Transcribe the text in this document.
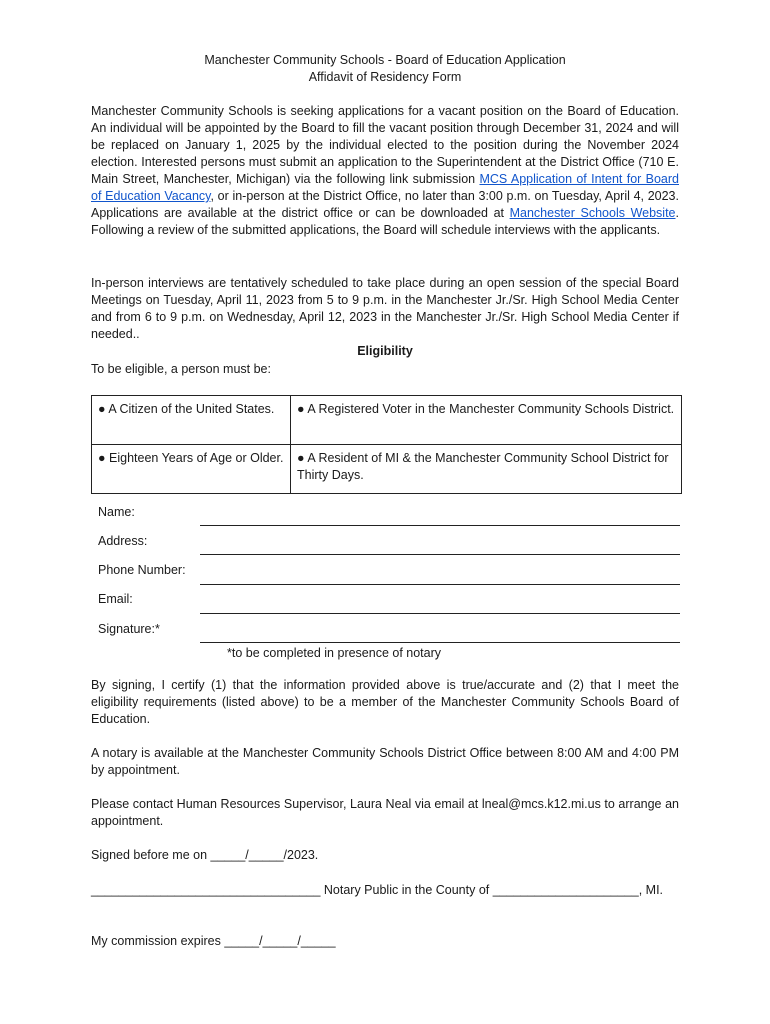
Manchester Community Schools - Board of Education Application
Affidavit of Residency Form
Manchester Community Schools is seeking applications for a vacant position on the Board of Education. An individual will be appointed by the Board to fill the vacant position through December 31, 2024 and will be replaced on January 1, 2025 by the individual elected to the position during the November 2024 election. Interested persons must submit an application to the Superintendent at the District Office (710 E. Main Street, Manchester, Michigan) via the following link submission MCS Application of Intent for Board of Education Vacancy, or in-person at the District Office, no later than 3:00 p.m. on Tuesday, April 4, 2023. Applications are available at the district office or can be downloaded at Manchester Schools Website. Following a review of the submitted applications, the Board will schedule interviews with the applicants.
In-person interviews are tentatively scheduled to take place during an open session of the special Board Meetings on Tuesday, April 11, 2023 from 5 to 9 p.m. in the Manchester Jr./Sr. High School Media Center and from 6 to 9 p.m. on Wednesday, April 12, 2023 in the Manchester Jr./Sr. High School Media Center if needed..
Eligibility
To be eligible, a person must be:
● A Citizen of the United States.	● A Registered Voter in the Manchester Community Schools District.
● Eighteen Years of Age or Older.	● A Resident of MI & the Manchester Community School District for Thirty Days.
Name:
Address:
Phone Number:
Email:
Signature:*
*to be completed in presence of notary
By signing, I certify (1) that the information provided above is true/accurate and (2) that I meet the eligibility requirements (listed above) to be a member of the Manchester Community Schools Board of Education.
A notary is available at the Manchester Community Schools District Office between 8:00 AM and 4:00 PM by appointment.
Please contact Human Resources Supervisor, Laura Neal via email at lneal@mcs.k12.mi.us to arrange an appointment.
Signed before me on _____/_____/2023.
_________________________________ Notary Public in the County of _____________________, MI.
My commission expires _____/_____/_____
